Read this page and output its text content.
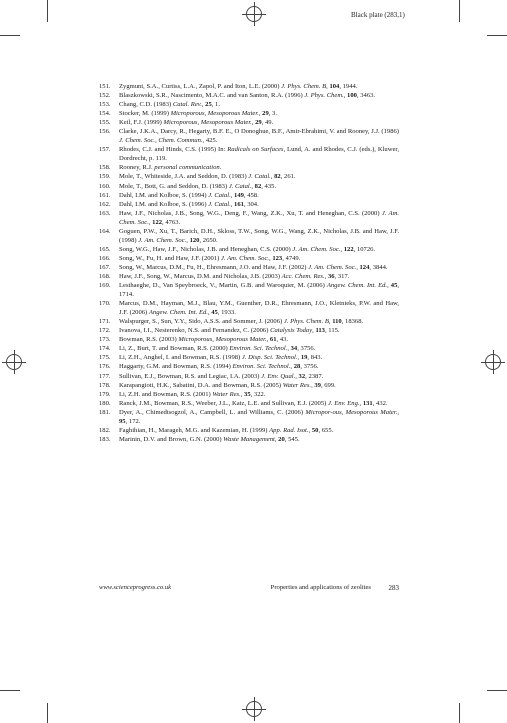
Black plate (283,1)
151. Zygmunt, S.A., Curtiss, L.A., Zapol, P. and Iton, L.E. (2000) J. Phys. Chem. B, 104, 1944.
152. Blaszkowski, S.R., Nascimento, M.A.C. and van Santon, R.A. (1996) J. Phys. Chem., 100, 3463.
153. Chang, C.D. (1983) Catal. Rev., 25, 1.
154. Stocker, M. (1999) Microporous, Mesoporous Mater., 29, 3.
155. Keil, F.J. (1999) Microporous, Mesoporous Mater., 29, 49.
156. Clarke, J.K.A., Darcy, R., Hegarty, B.F. E., O Donoghue, B.F., Amir-Ebrahimi, V. and Rooney, J.J. (1986) J. Chem. Soc., Chem. Commun., 425.
157. Rhodes, C.J. and Hinds, C.S. (1995) In: Radicals on Surfaces, Lund, A. and Rhodes, C.J. (eds.), Kluwer, Dordrecht, p. 119.
158. Rooney, R.J. personal communication.
159. Mole, T., Whiteside, J.A. and Seddon, D. (1983) J. Catal., 82, 261.
160. Mole, T., Bott, G. and Seddon, D. (1983) J. Catal., 82, 435.
161. Dahl, I.M. and Kolboe, S. (1994) J. Catal., 149, 458.
162. Dahl, I.M. and Kolboe, S. (1996) J. Catal., 161, 304.
163. Haw, J.F., Nicholas, J.B., Song, W.G., Deng, F., Wang, Z.K., Xu, T. and Heneghan, C.S. (2000) J. Am. Chem. Soc., 122, 4763.
164. Goguen, P.W., Xu, T., Barich, D.H., Skloss, T.W., Song, W.G., Wang, Z.K., Nicholas, J.B. and Haw, J.F. (1998) J. Am. Chem. Soc., 120, 2650.
165. Song, W.G., Haw, J.F., Nicholas, J.B. and Heneghan, C.S. (2000) J. Am. Chem. Soc., 122, 10726.
166. Song, W., Fu, H. and Haw, J.F. (2001) J. Am. Chem. Soc., 123, 4749.
167. Song, W., Marcus, D.M., Fu, H., Ehresmann, J.O. and Haw, J.F. (2002) J. Am. Chem. Soc., 124, 3844.
168. Haw, J.F., Song, W., Marcus, D.M. and Nicholas, J.B. (2003) Acc. Chem. Res., 36, 317.
169. Lesthaeghe, D., Van Speybroeck, V., Martin, G.B. and Waroquier, M. (2006) Angew. Chem. Int. Ed., 45, 1714.
170. Marcus, D.M., Hayman, M.J., Blau, Y.M., Guenther, D.R., Ehresmann, J.O., Kletnieks, P.W. and Haw, J.F. (2006) Angew. Chem. Int. Ed., 45, 1933.
171. Walspurger, S., Sun, Y.Y., Sido, A.S.S. and Sommer, J. (2006) J. Phys. Chem. B, 110, 18368.
172. Ivanova, I.I., Nesterenko, N.S. and Fernandez, C. (2006) Catalysis Today, 113, 115.
173. Bowman, R.S. (2003) Microporous, Mesoporous Mater., 61, 43.
174. Li, Z., Burt, T. and Bowman, R.S. (2000) Environ. Sci. Technol., 34, 3756.
175. Li, Z.H., Anghel, I. and Bowman, R.S. (1998) J. Disp. Sci. Technol., 19, 843.
176. Haggarty, G.M. and Bowman, R.S. (1994) Environ. Sci. Technol., 28, 3756.
177. Sullivan, E.J., Bowman, R.S. and Legiac, I.A. (2003) J. Env. Qual., 32, 2387.
178. Karapangioti, H.K., Sabatini, D.A. and Bowman, R.S. (2005) Water Res., 39, 699.
179. Li, Z.H. and Bowman, R.S. (2001) Water Res., 35, 322.
180. Ranck, J.M., Bowman, R.S., Weeber, J.L., Katz, L.E. and Sullivan, E.J. (2005) J. Env. Eng., 131, 432.
181. Dyer, A., Chimedtsogzol, A., Campbell, L. and Williams, C. (2006) Micropor-ous, Mesoporous Mater., 95, 172.
182. Faghihian, H., Marageh, M.G. and Kazemian, H. (1999) App. Rad. Isot., 50, 655.
183. Marinin, D.V. and Brown, G.N. (2000) Waste Management, 20, 545.
www.scienceprogress.co.uk	Properties and applications of zeolites	283
